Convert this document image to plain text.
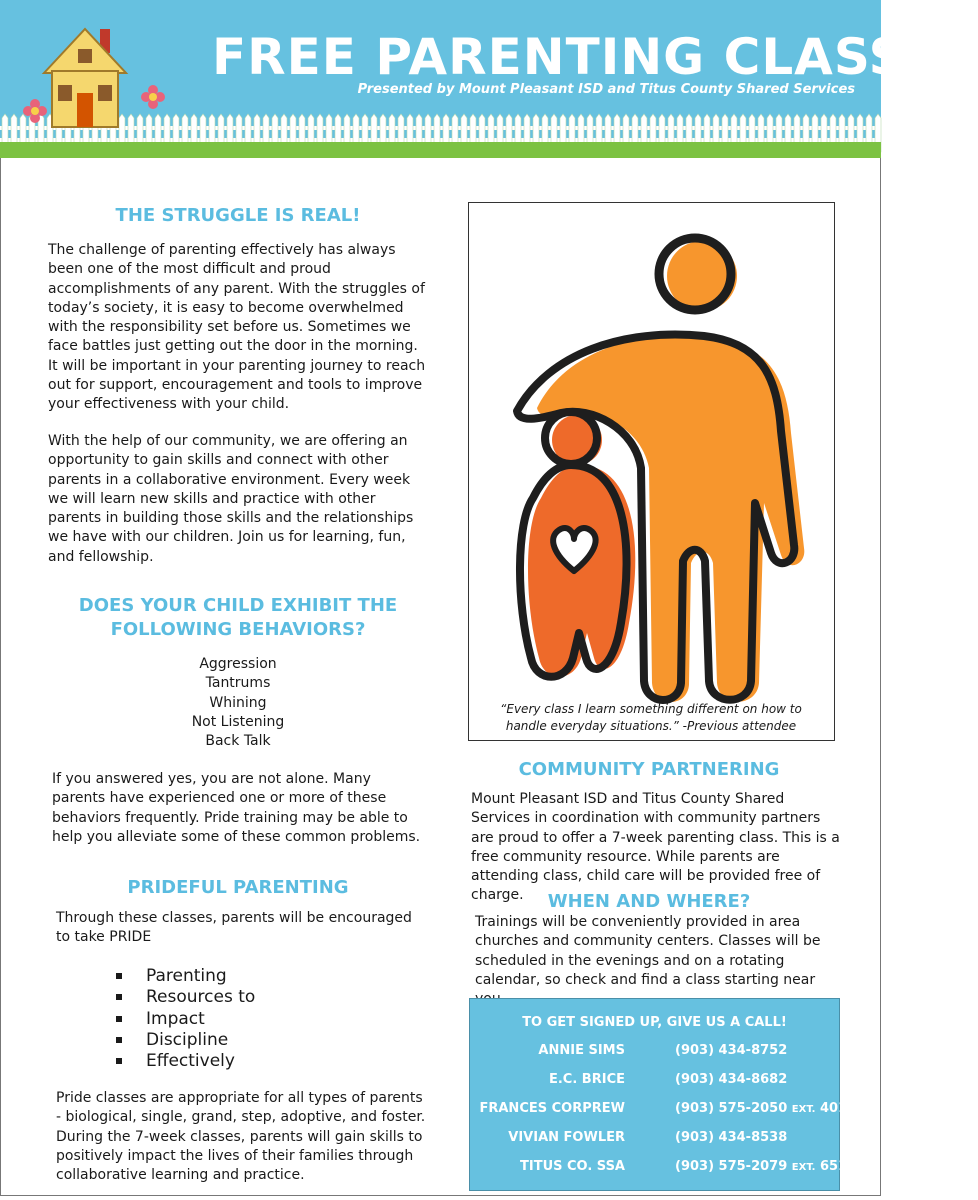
FREE PARENTING CLASSES
Presented by Mount Pleasant ISD and Titus County Shared Services
THE STRUGGLE IS REAL!

The challenge of parenting effectively has always been one of the most difficult and proud accomplishments of any parent. With the struggles of today’s society, it is easy to become overwhelmed with the responsibility set before us. Sometimes we face battles just getting out the door in the morning. It will be important in your parenting journey to reach out for support, encouragement and tools to improve your effectiveness with your child.

With the help of our community, we are offering an opportunity to gain skills and connect with other parents in a collaborative environment. Every week we will learn new skills and practice with other parents in building those skills and the relationships we have with our children. Join us for learning, fun, and fellowship.

DOES YOUR CHILD EXHIBIT THE
FOLLOWING BEHAVIORS?
Aggression
Tantrums
Whining
Not Listening
Back Talk

If you answered yes, you are not alone. Many parents have experienced one or more of these behaviors frequently. Pride training may be able to help you alleviate some of these common problems.

PRIDEFUL PARENTING

Through these classes, parents will be encouraged to take PRIDE

Parenting
Resources to
Impact
Discipline
Effectively

Pride classes are appropriate for all types of parents - biological, single, grand, step, adoptive, and foster. During the 7-week classes, parents will gain skills to positively impact the lives of their families through collaborative learning and practice.

“Every class I learn something different on how to handle everyday situations.” -Previous attendee
COMMUNITY PARTNERING

Mount Pleasant ISD and Titus County Shared Services in coordination with community partners are proud to offer a 7-week parenting class. This is a free community resource. While parents are attending class, child care will be provided free of charge.	WHEN AND WHERE?

Trainings will be conveniently provided in area churches and community centers. Classes will be scheduled in the evenings and on a rotating calendar, so check and find a class starting near

TO GET SIGNED UP, GIVE US A CALL!
ANNIE SIMS	(903) 434-8752
E.C. BRICE	(903) 434-8682
FRANCES CORPREW	(903) 575-2050 EXT. 4014
VIVIAN FOWLER	(903) 434-8538
TITUS CO. SSA	(903) 575-2079 EXT. 6518
